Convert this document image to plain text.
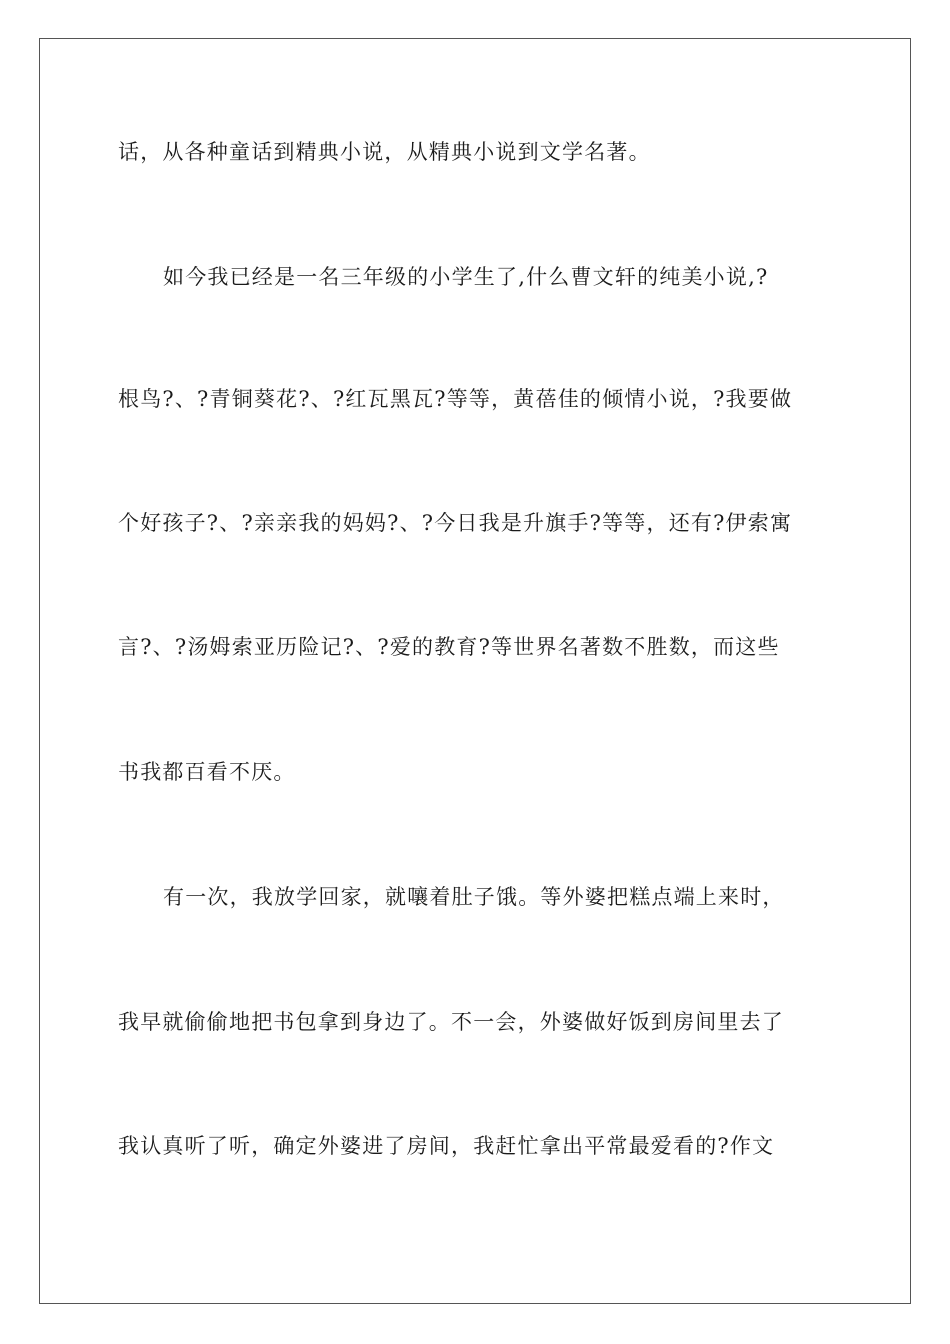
话，从各种童话到精典小说，从精典小说到文学名著。
如今我已经是一名三年级的小学生了,什么曹文轩的纯美小说,?
根鸟?、?青铜葵花?、?红瓦黑瓦?等等，黄蓓佳的倾情小说，?我要做
个好孩子?、?亲亲我的妈妈?、?今日我是升旗手?等等，还有?伊索寓
言?、?汤姆索亚历险记?、?爱的教育?等世界名著数不胜数，而这些
书我都百看不厌。
有一次，我放学回家，就嚷着肚子饿。等外婆把糕点端上来时，
我早就偷偷地把书包拿到身边了。不一会，外婆做好饭到房间里去了
我认真听了听，确定外婆进了房间，我赶忙拿出平常最爱看的?作文
